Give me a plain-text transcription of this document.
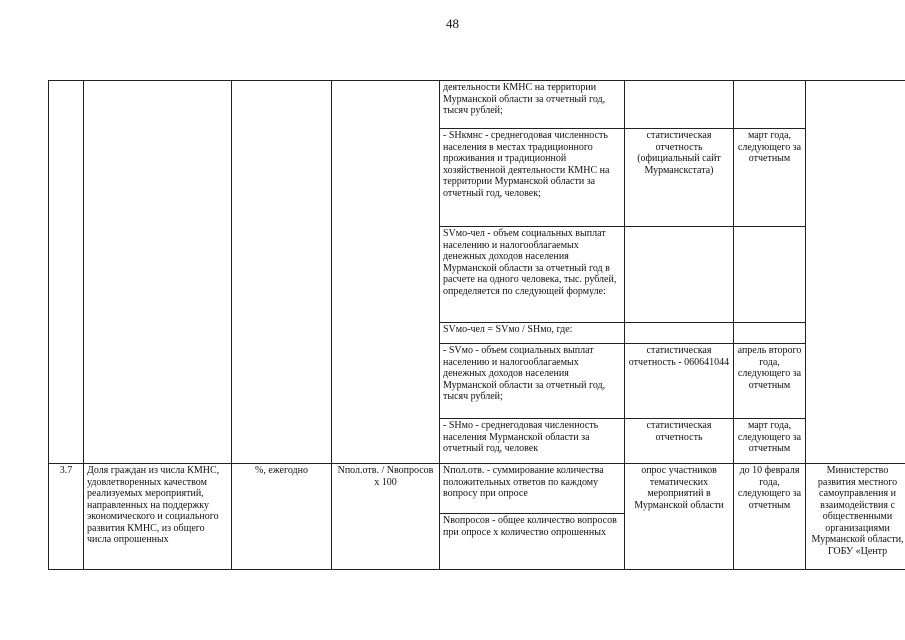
48
				деятельности КМНС на территории Мурманской области за отчетный год, тысяч рублей;			
				- SHкмнс - среднегодовая численность населения в местах традиционного проживания и традиционной хозяйственной деятельности КМНС на территории Мурманской области за отчетный год, человек;	статистическая отчетность (официальный сайт Мурманскстата)	март года, следующего за отчетным	
				SVмо-чел - объем социальных выплат населению и налогооблагаемых денежных доходов населения Мурманской области за отчетный год в расчете на одного человека, тыс. рублей, определяется по следующей формуле:			
				SVмо-чел = SVмо / SHмо, где:			
				- SVмо - объем социальных выплат населению и налогооблагаемых денежных доходов населения Мурманской области за отчетный год, тысяч рублей;	статистическая отчетность - 060641044	апрель второго года, следующего за отчетным	
				- SHмо - среднегодовая численность населения Мурманской области за отчетный год, человек	статистическая отчетность	март года, следующего за отчетным	
3.7	Доля граждан из числа КМНС, удовлетворенных качеством реализуемых мероприятий, направленных на поддержку экономического и социального развития КМНС, из общего числа опрошенных	%, ежегодно	Nпол.отв. / Nвопросов x 100	Nпол.отв. - суммирование количества положительных ответов по каждому вопросу при опросе	опрос участников тематических мероприятий в Мурманской области	до 10 февраля года, следующего за отчетным	Министерство развития местного самоуправления и взаимодействия с общественными организациями Мурманской области, ГОБУ «Центр
				Nвопросов - общее количество вопросов при опросе х количество опрошенных			
